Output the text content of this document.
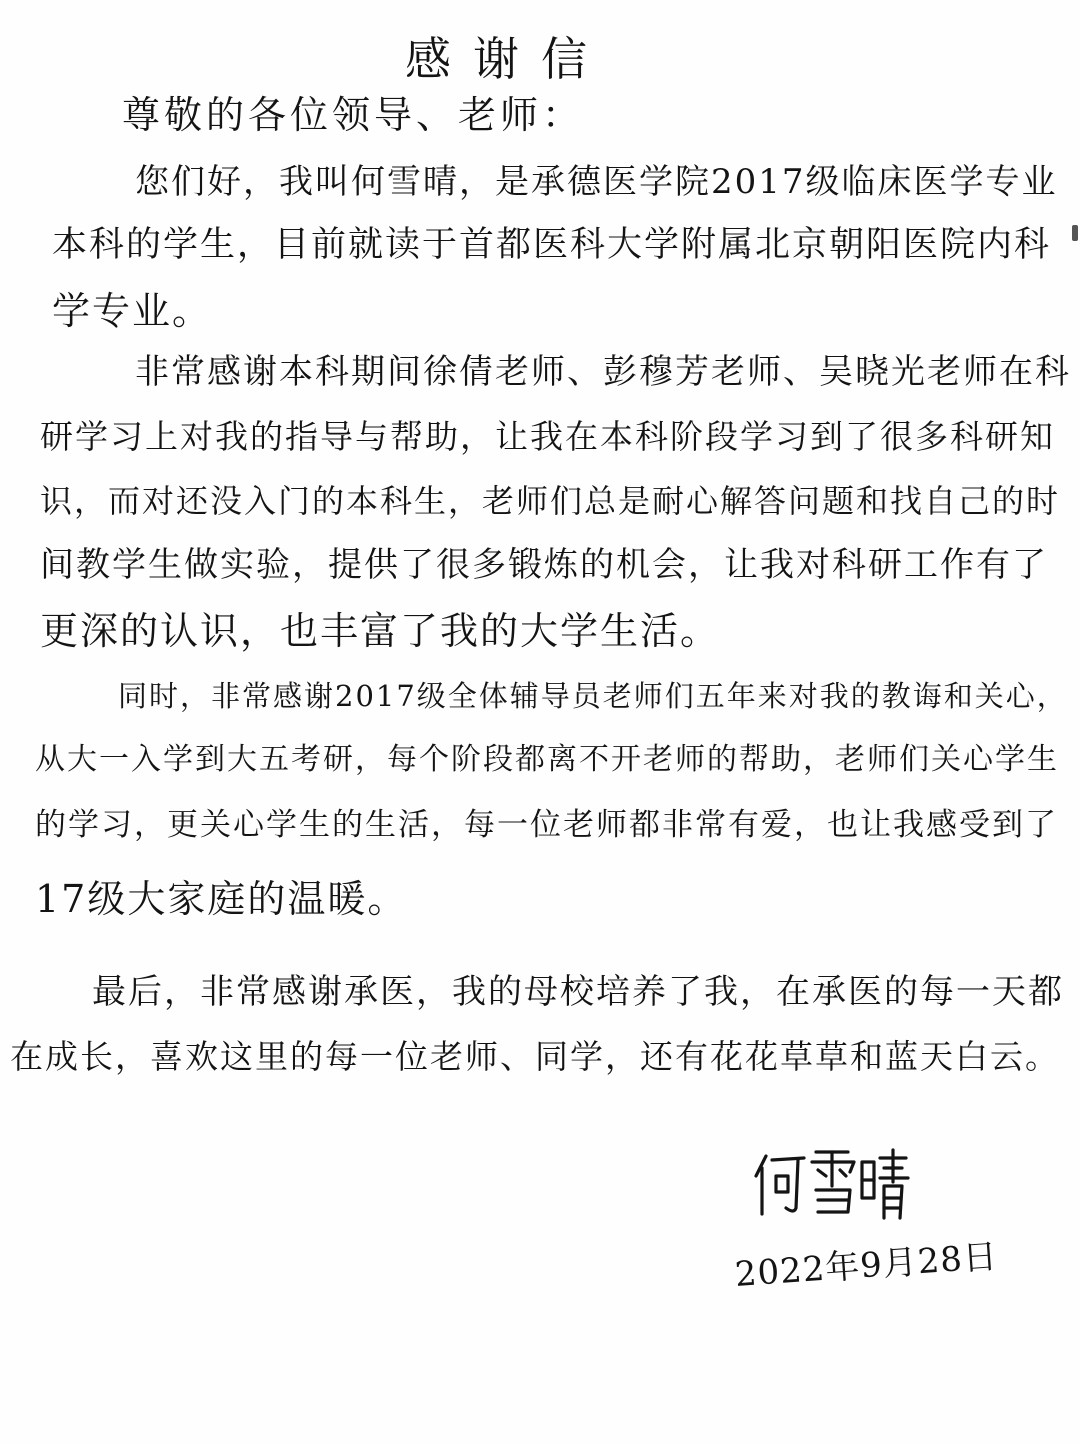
感谢信
尊敬的各位领导、老师：
您们好，我叫何雪晴，是承德医学院2017级临床医学专业
本科的学生，目前就读于首都医科大学附属北京朝阳医院内科
学专业。
非常感谢本科期间徐倩老师、彭穆芳老师、吴晓光老师在科
研学习上对我的指导与帮助，让我在本科阶段学习到了很多科研知
识，而对还没入门的本科生，老师们总是耐心解答问题和找自己的时
间教学生做实验，提供了很多锻炼的机会，让我对科研工作有了
更深的认识，也丰富了我的大学生活。
同时，非常感谢2017级全体辅导员老师们五年来对我的教诲和关心，
从大一入学到大五考研，每个阶段都离不开老师的帮助，老师们关心学生
的学习，更关心学生的生活，每一位老师都非常有爱，也让我感受到了
17级大家庭的温暖。
最后，非常感谢承医，我的母校培养了我，在承医的每一天都
在成长，喜欢这里的每一位老师、同学，还有花花草草和蓝天白云。
2022年9月28日
